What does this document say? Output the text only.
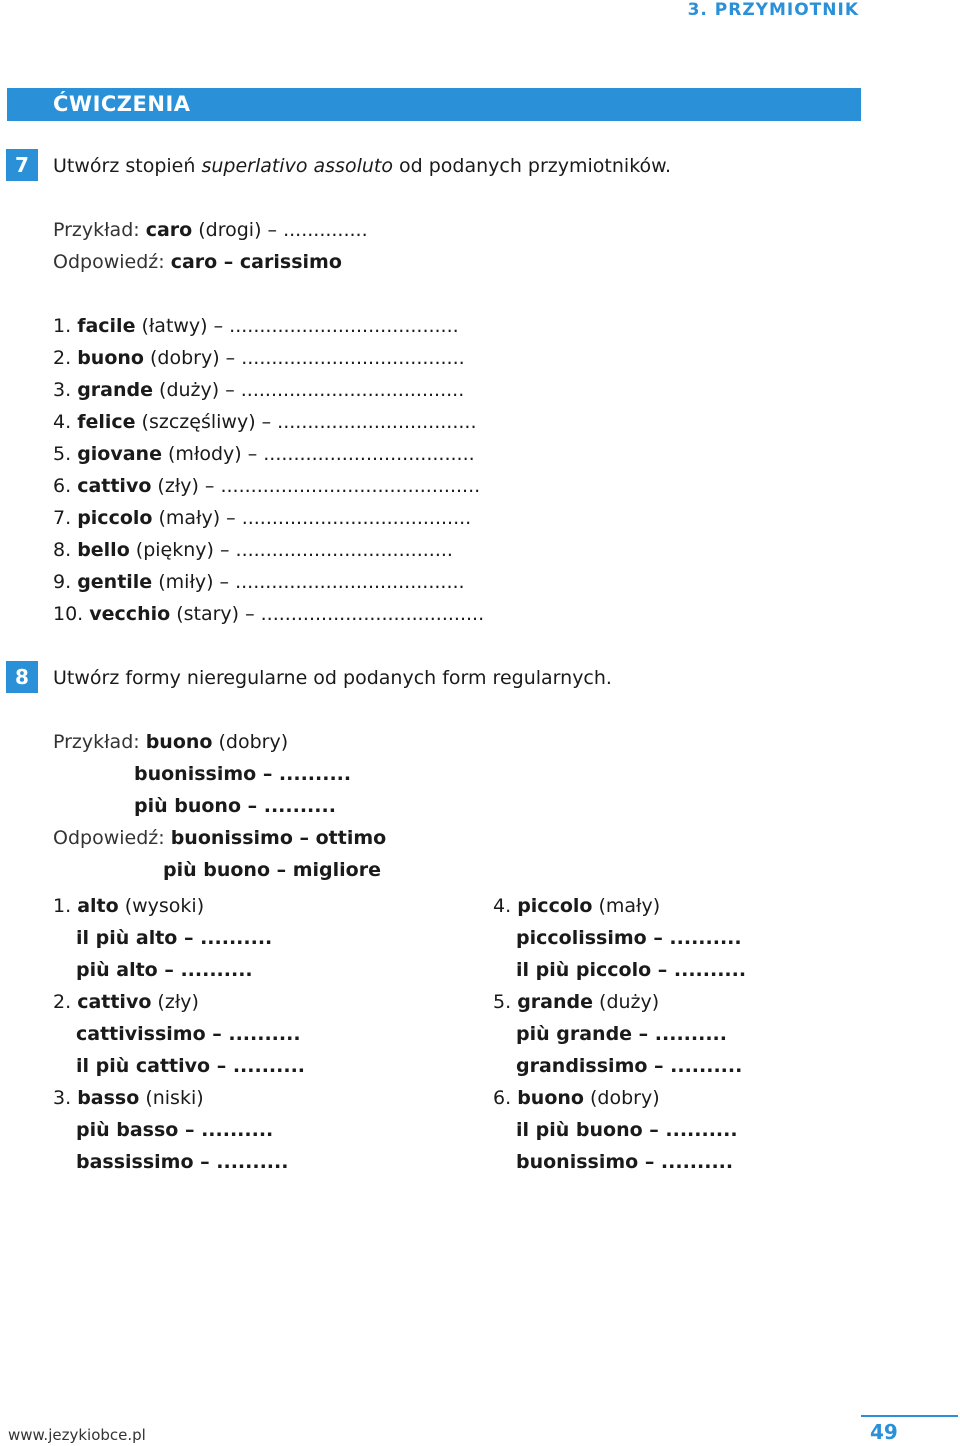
3. PRZYMIOTNIK
ĆWICZENIA
7	Utwórz stopień superlativo assoluto od podanych przymiotników.
Przykład: caro (drogi) – ..............
Odpowiedź: caro – carissimo
1. facile (łatwy) – ......................................
2. buono (dobry) – .....................................
3. grande (duży) – .....................................
4. felice (szczęśliwy) – .................................
5. giovane (młody) – ...................................
6. cattivo (zły) – ...........................................
7. piccolo (mały) – ......................................
8. bello (piękny) – ....................................
9. gentile (miły) – ......................................
10. vecchio (stary) – .....................................
8	Utwórz formy nieregularne od podanych form regularnych.
Przykład: buono (dobry)
buonissimo – ..........
più buono – ..........
Odpowiedź: buonissimo – ottimo
più buono – migliore
1. alto (wysoki)
il più alto – ..........
più alto – ..........
2. cattivo (zły)
cattivissimo – ..........
il più cattivo – ..........
3. basso (niski)
più basso – ..........
bassissimo – ..........
4. piccolo (mały)
piccolissimo – ..........
il più piccolo – ..........
5. grande (duży)
più grande – ..........
grandissimo – ..........
6. buono (dobry)
il più buono – ..........
buonissimo – ..........
www.jezykiobce.pl	49
